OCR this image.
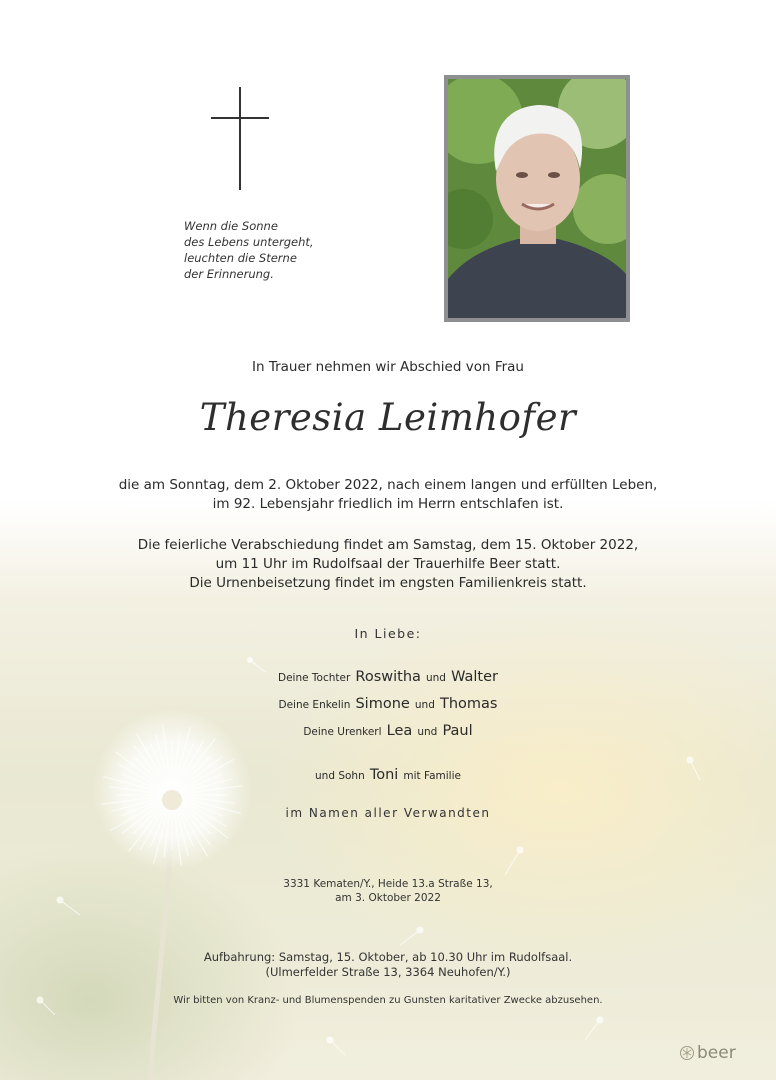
Wenn die Sonne
des Lebens untergeht,
leuchten die Sterne
der Erinnerung.
In Trauer nehmen wir Abschied von Frau
Theresia Leimhofer
die am Sonntag, dem 2. Oktober 2022, nach einem langen und erfüllten Leben,
im 92. Lebensjahr friedlich im Herrn entschlafen ist.
Die feierliche Verabschiedung findet am Samstag, dem 15. Oktober 2022,
um 11 Uhr im Rudolfsaal der Trauerhilfe Beer statt.
Die Urnenbeisetzung findet im engsten Familienkreis statt.
In Liebe:
Deine Tochter Roswitha und Walter
Deine Enkelin Simone und Thomas
Deine Urenkerl Lea und Paul
und Sohn Toni mit Familie
im Namen aller Verwandten
3331 Kematen/Y., Heide 13.a Straße 13,
am 3. Oktober 2022
Aufbahrung: Samstag, 15. Oktober, ab 10.30 Uhr im Rudolfsaal.
(Ulmerfelder Straße 13, 3364 Neuhofen/Y.)
Wir bitten von Kranz- und Blumenspenden zu Gunsten karitativer Zwecke abzusehen.
beer
